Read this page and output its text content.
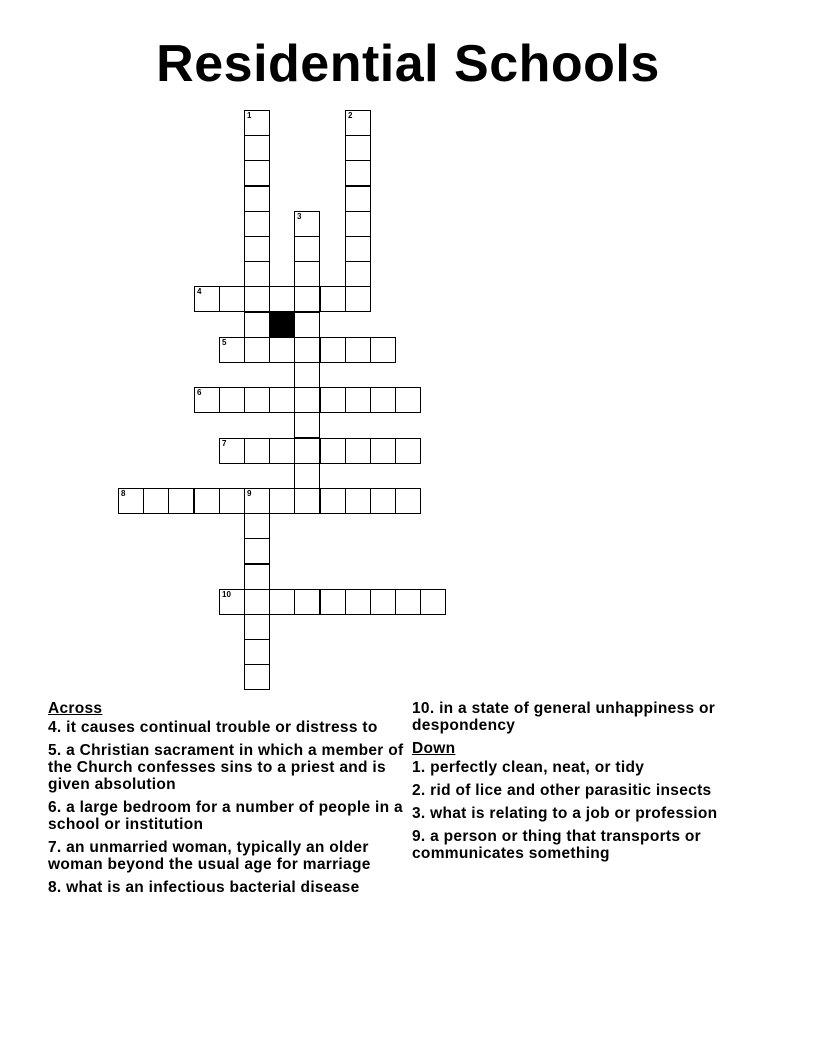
Residential Schools
1	2
3
4
5
6
7
8	9
10
Across
4. it causes continual trouble or distress to
5. a Christian sacrament in which a member of the Church confesses sins to a priest and is given absolution
6. a large bedroom for a number of people in a school or institution
7. an unmarried woman, typically an older woman beyond the usual age for marriage
8. what is an infectious bacterial disease
10. in a state of general unhappiness or despondency
Down
1. perfectly clean, neat, or tidy
2. rid of lice and other parasitic insects
3. what is relating to a job or profession
9. a person or thing that transports or communicates something
